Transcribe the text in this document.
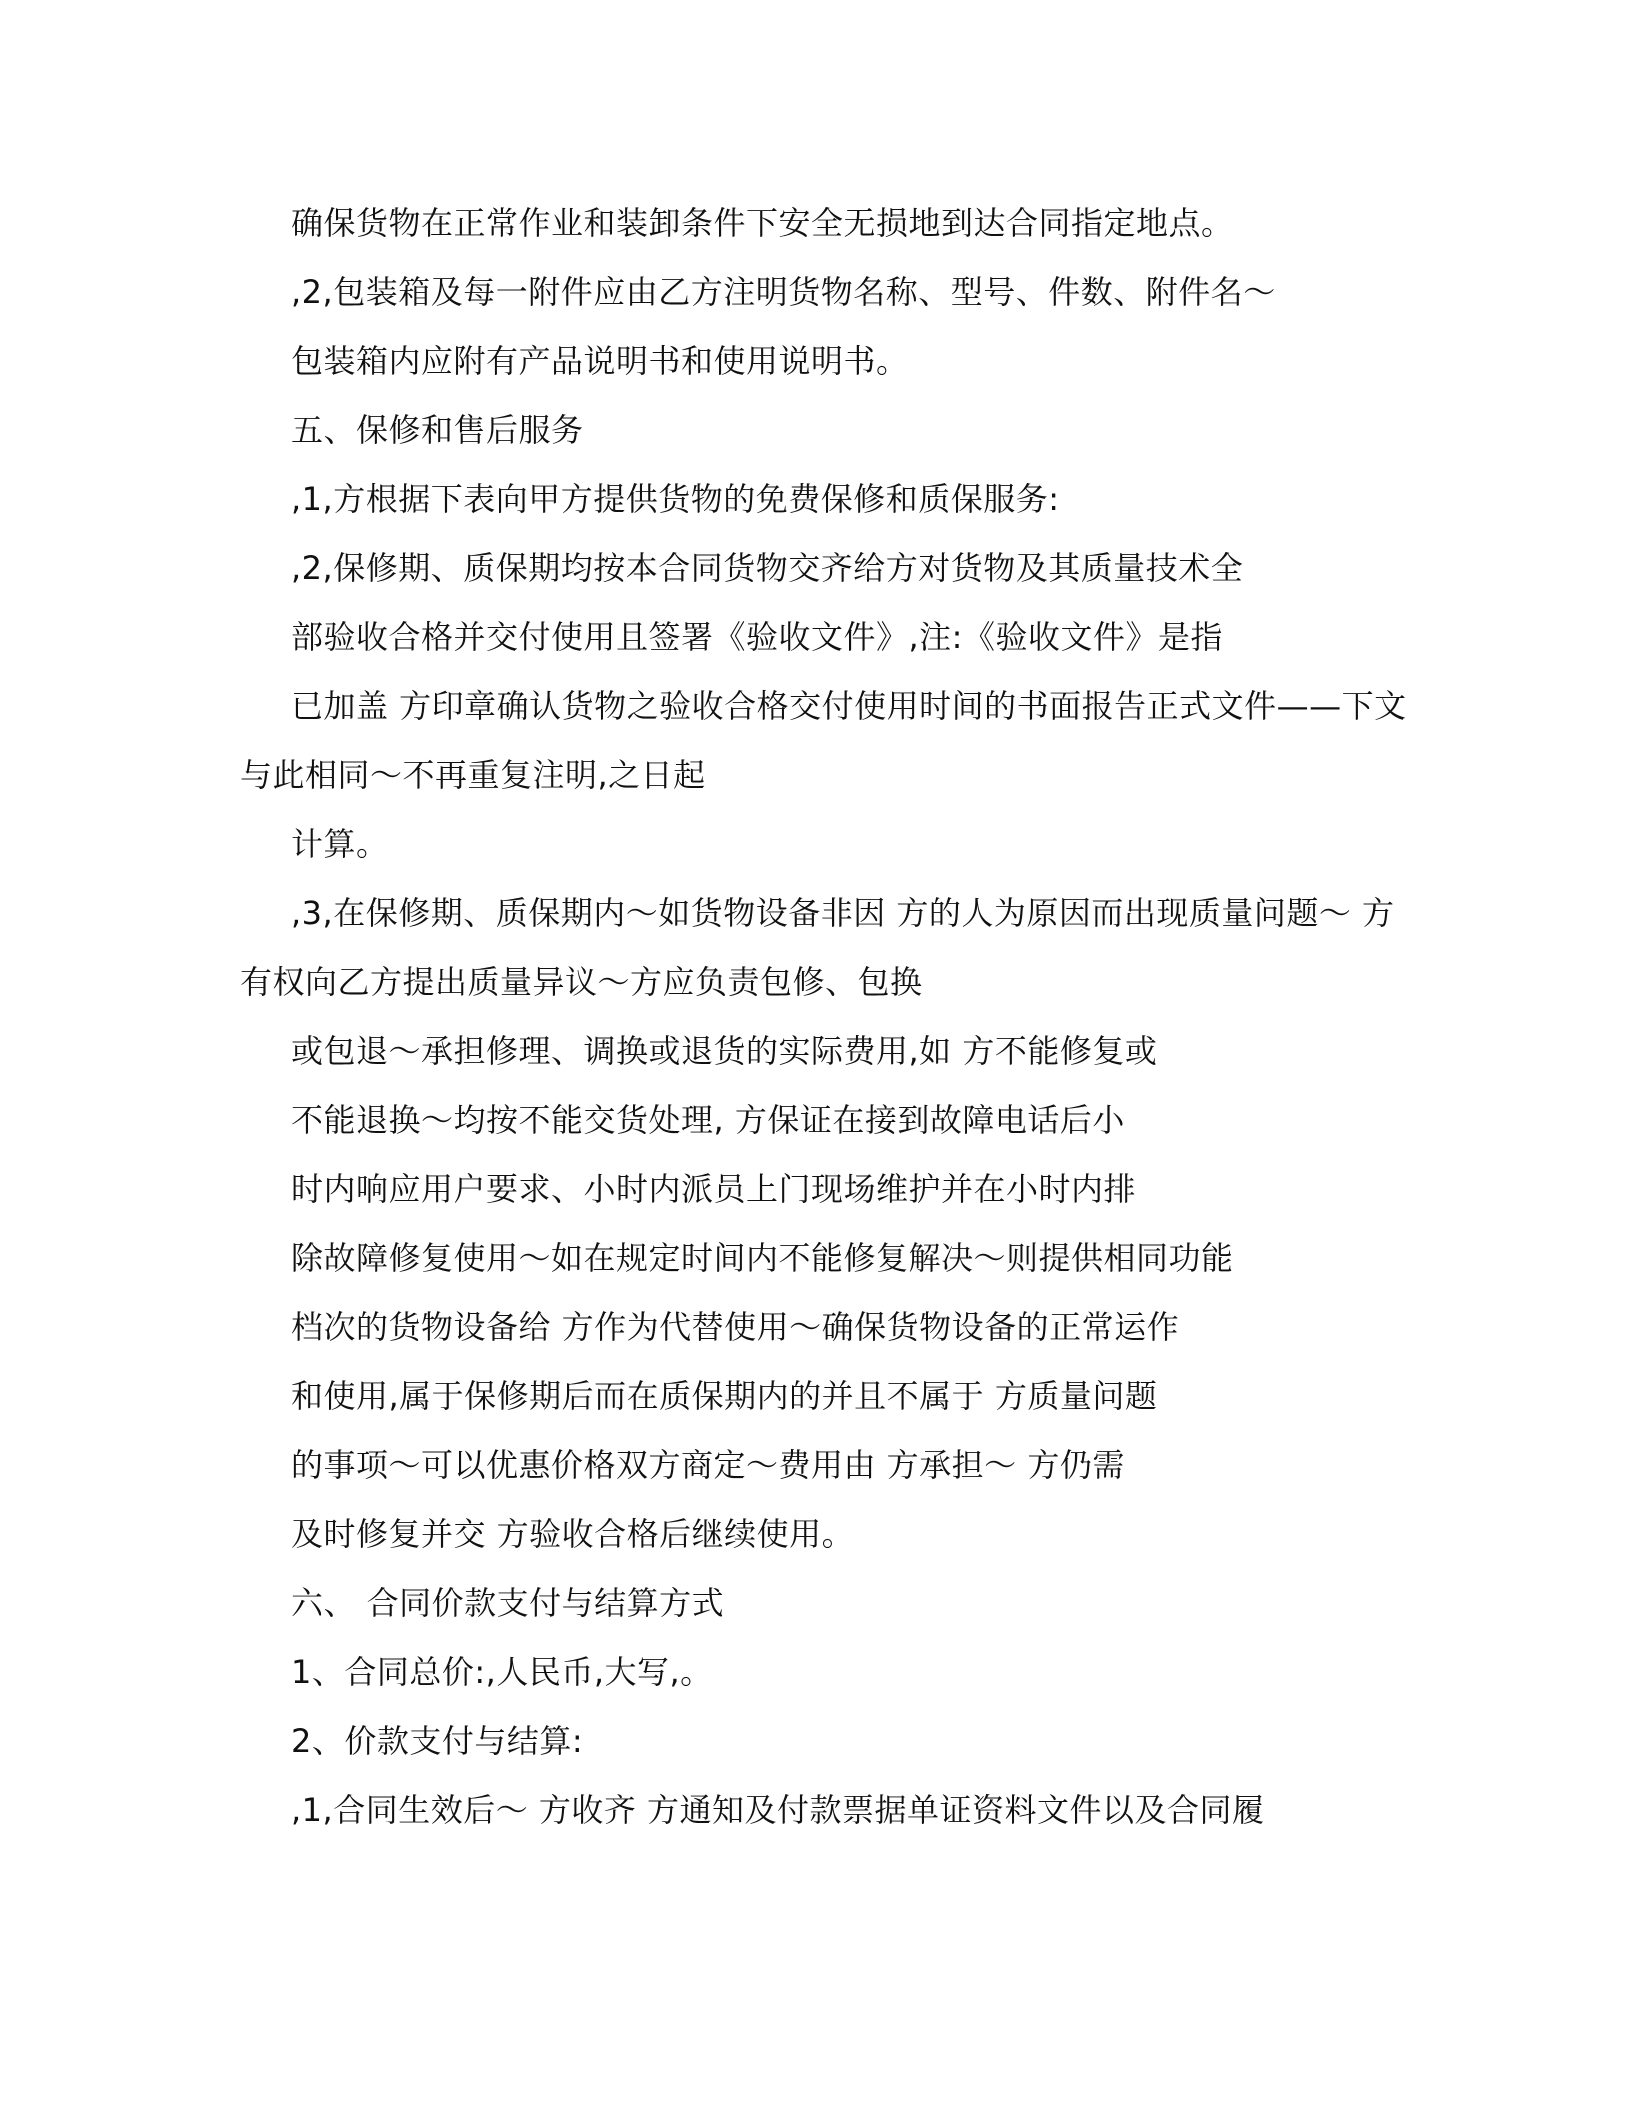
确保货物在正常作业和装卸条件下安全无损地到达合同指定地点。
,2,包装箱及每一附件应由乙方注明货物名称、型号、件数、附件名～
包装箱内应附有产品说明书和使用说明书。
五、保修和售后服务
,1,方根据下表向甲方提供货物的免费保修和质保服务:
,2,保修期、质保期均按本合同货物交齐给方对货物及其质量技术全
部验收合格并交付使用且签署《验收文件》,注:《验收文件》是指
已加盖 方印章确认货物之验收合格交付使用时间的书面报告正式文件——下文
与此相同～不再重复注明,之日起
计算。
,3,在保修期、质保期内～如货物设备非因 方的人为原因而出现质量问题～ 方
有权向乙方提出质量异议～方应负责包修、包换
或包退～承担修理、调换或退货的实际费用,如 方不能修复或
不能退换～均按不能交货处理, 方保证在接到故障电话后小
时内响应用户要求、小时内派员上门现场维护并在小时内排
除故障修复使用～如在规定时间内不能修复解决～则提供相同功能
档次的货物设备给 方作为代替使用～确保货物设备的正常运作
和使用,属于保修期后而在质保期内的并且不属于 方质量问题
的事项～可以优惠价格双方商定～费用由 方承担～ 方仍需
及时修复并交 方验收合格后继续使用。
六、 合同价款支付与结算方式
1、合同总价:,人民币,大写,。
2、价款支付与结算:
,1,合同生效后～ 方收齐 方通知及付款票据单证资料文件以及合同履
